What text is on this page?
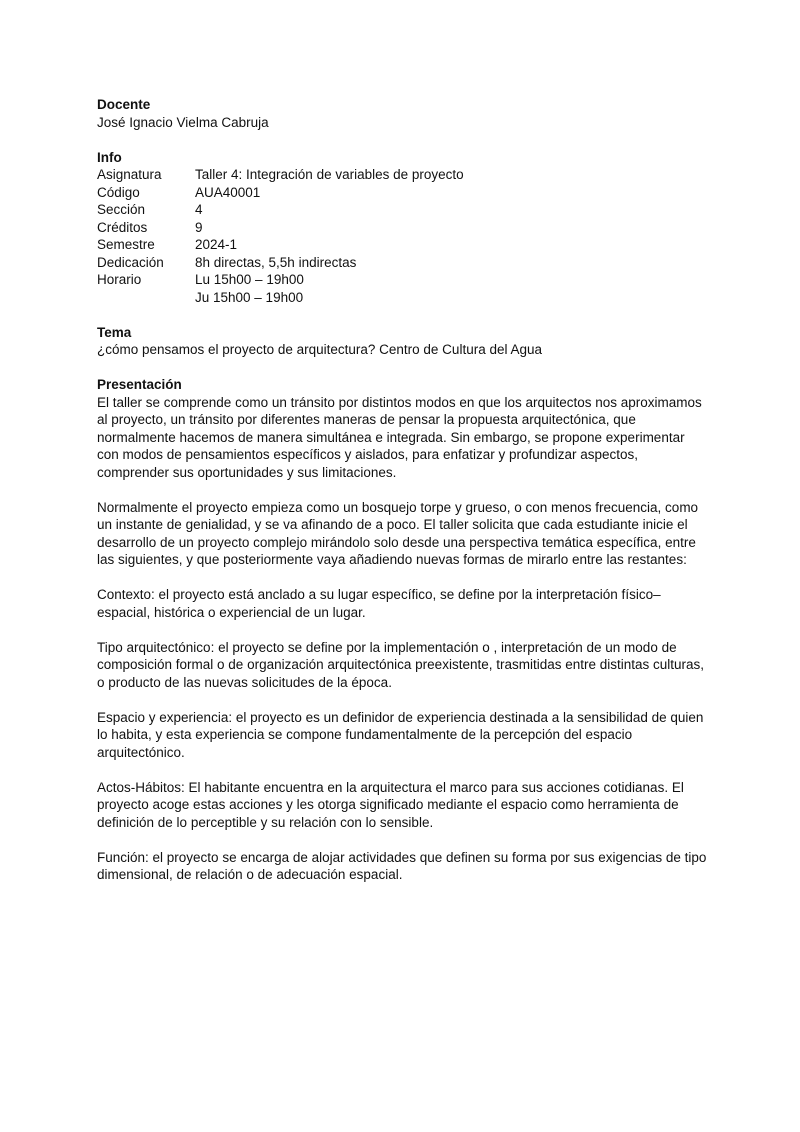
Docente

José Ignacio Vielma Cabruja

Info

Asignatura	Taller 4: Integración de variables de proyecto
Código	AUA40001
Sección	4
Créditos	9
Semestre	2024-1
Dedicación	8h directas, 5,5h indirectas
Horario	Lu 15h00 – 19h00
Ju 15h00 – 19h00

Tema

¿cómo pensamos el proyecto de arquitectura? Centro de Cultura del Agua

Presentación

El taller se comprende como un tránsito por distintos modos en que los arquitectos nos aproximamos al proyecto, un tránsito por diferentes maneras de pensar la propuesta arquitectónica, que normalmente hacemos de manera simultánea e integrada. Sin embargo, se propone experimentar con modos de pensamientos específicos y aislados, para enfatizar y profundizar aspectos, comprender sus oportunidades y sus limitaciones.

Normalmente el proyecto empieza como un bosquejo torpe y grueso, o con menos frecuencia, como un instante de genialidad, y se va afinando de a poco. El taller solicita que cada estudiante inicie el desarrollo de un proyecto complejo mirándolo solo desde una perspectiva temática específica, entre las siguientes, y que posteriormente vaya añadiendo nuevas formas de mirarlo entre las restantes:

Contexto: el proyecto está anclado a su lugar específico, se define por la interpretación físico–espacial, histórica o experiencial de un lugar.

Tipo arquitectónico: el proyecto se define por la implementación o , interpretación de un modo de composición formal o de organización arquitectónica preexistente, trasmitidas entre distintas culturas, o producto de las nuevas solicitudes de la época.

Espacio y experiencia: el proyecto es un definidor de experiencia destinada a la sensibilidad de quien lo habita, y esta experiencia se compone fundamentalmente de la percepción del espacio arquitectónico.

Actos-Hábitos: El habitante encuentra en la arquitectura el marco para sus acciones cotidianas. El proyecto acoge estas acciones y les otorga significado mediante el espacio como herramienta de definición de lo perceptible y su relación con lo sensible.

Función: el proyecto se encarga de alojar actividades que definen su forma por sus exigencias de tipo dimensional, de relación o de adecuación espacial.
